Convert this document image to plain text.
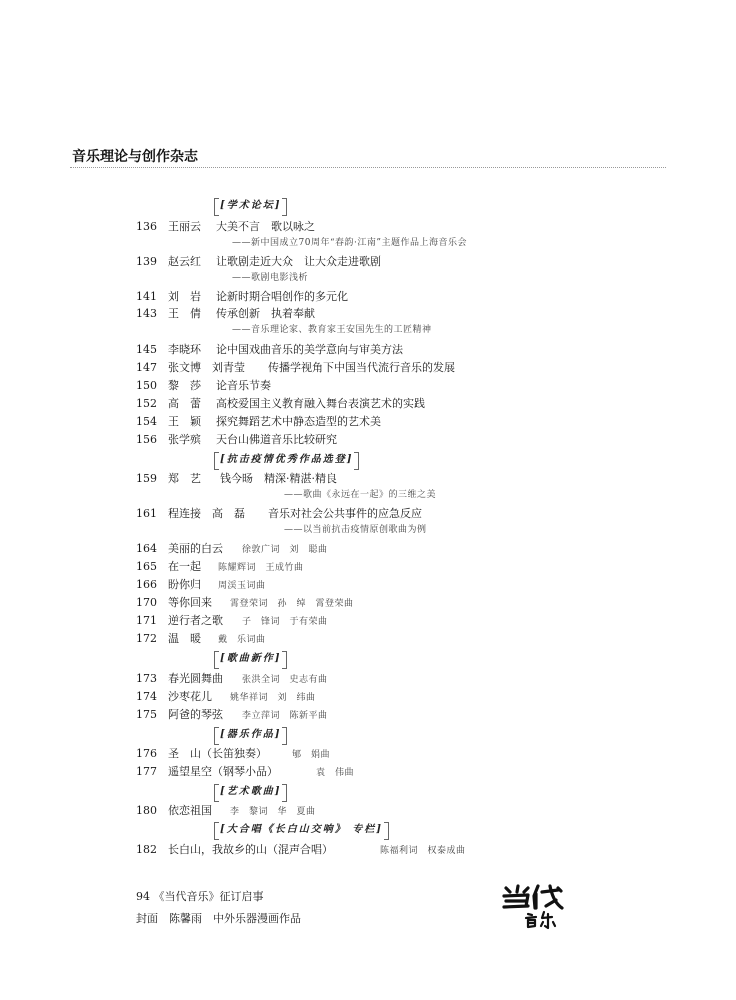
音乐理论与创作杂志
[学术论坛]
136 王丽云 大美不言　歌以咏之
——新中国成立70周年“春韵·江南”主题作品上海音乐会
139 赵云红 让歌剧走近大众　让大众走进歌剧
——歌剧电影浅析
141 刘　岩 论新时期合唱创作的多元化
143 王　倩 传承创新　执着奉献
——音乐理论家、教育家王安国先生的工匠精神
145 李晓环 论中国戏曲音乐的美学意向与审美方法
147 张文博　刘青莹 传播学视角下中国当代流行音乐的发展
150 黎　莎 论音乐节奏
152 高　蕾 高校爱国主义教育融入舞台表演艺术的实践
154 王　颖 探究舞蹈艺术中静态造型的艺术美
156 张学殡 天台山佛道音乐比较研究
[抗击疫情优秀作品选登]
159 郑　艺 钱今旸　精深·精湛·精良
——歌曲《永远在一起》的三维之美
161 程连接　高　磊 音乐对社会公共事件的应急反应
——以当前抗击疫情原创歌曲为例
164 美丽的白云 徐敦广词　刘　聪曲
165 在一起 陈耀辉词　王成竹曲
166 盼你归 周渓玉词曲
170 等你回来 霄登荣词　孙　绰　霄登荣曲
171 逆行者之歌 子　锋词　于有荣曲
172 温　暖 戴　乐词曲
[歌曲新作]
173 春光圆舞曲 张洪全词　史志有曲
174 沙枣花儿 姚华祥词　刘　纬曲
175 阿爸的琴弦 李立萍词　陈新平曲
[器乐作品]
176 圣　山（长笛独奏）	郇　娟曲
177 遥望星空（钢琴小品）	袁　伟曲
[艺术歌曲]
180 依恋祖国 李　黎词　华　夏曲
[大合唱《长白山交响》 专栏]
182 长白山，我故乡的山（混声合唱）	陈福利词　权泰成曲
94 《当代音乐》征订启事
封面　陈馨雨　中外乐器漫画作品
